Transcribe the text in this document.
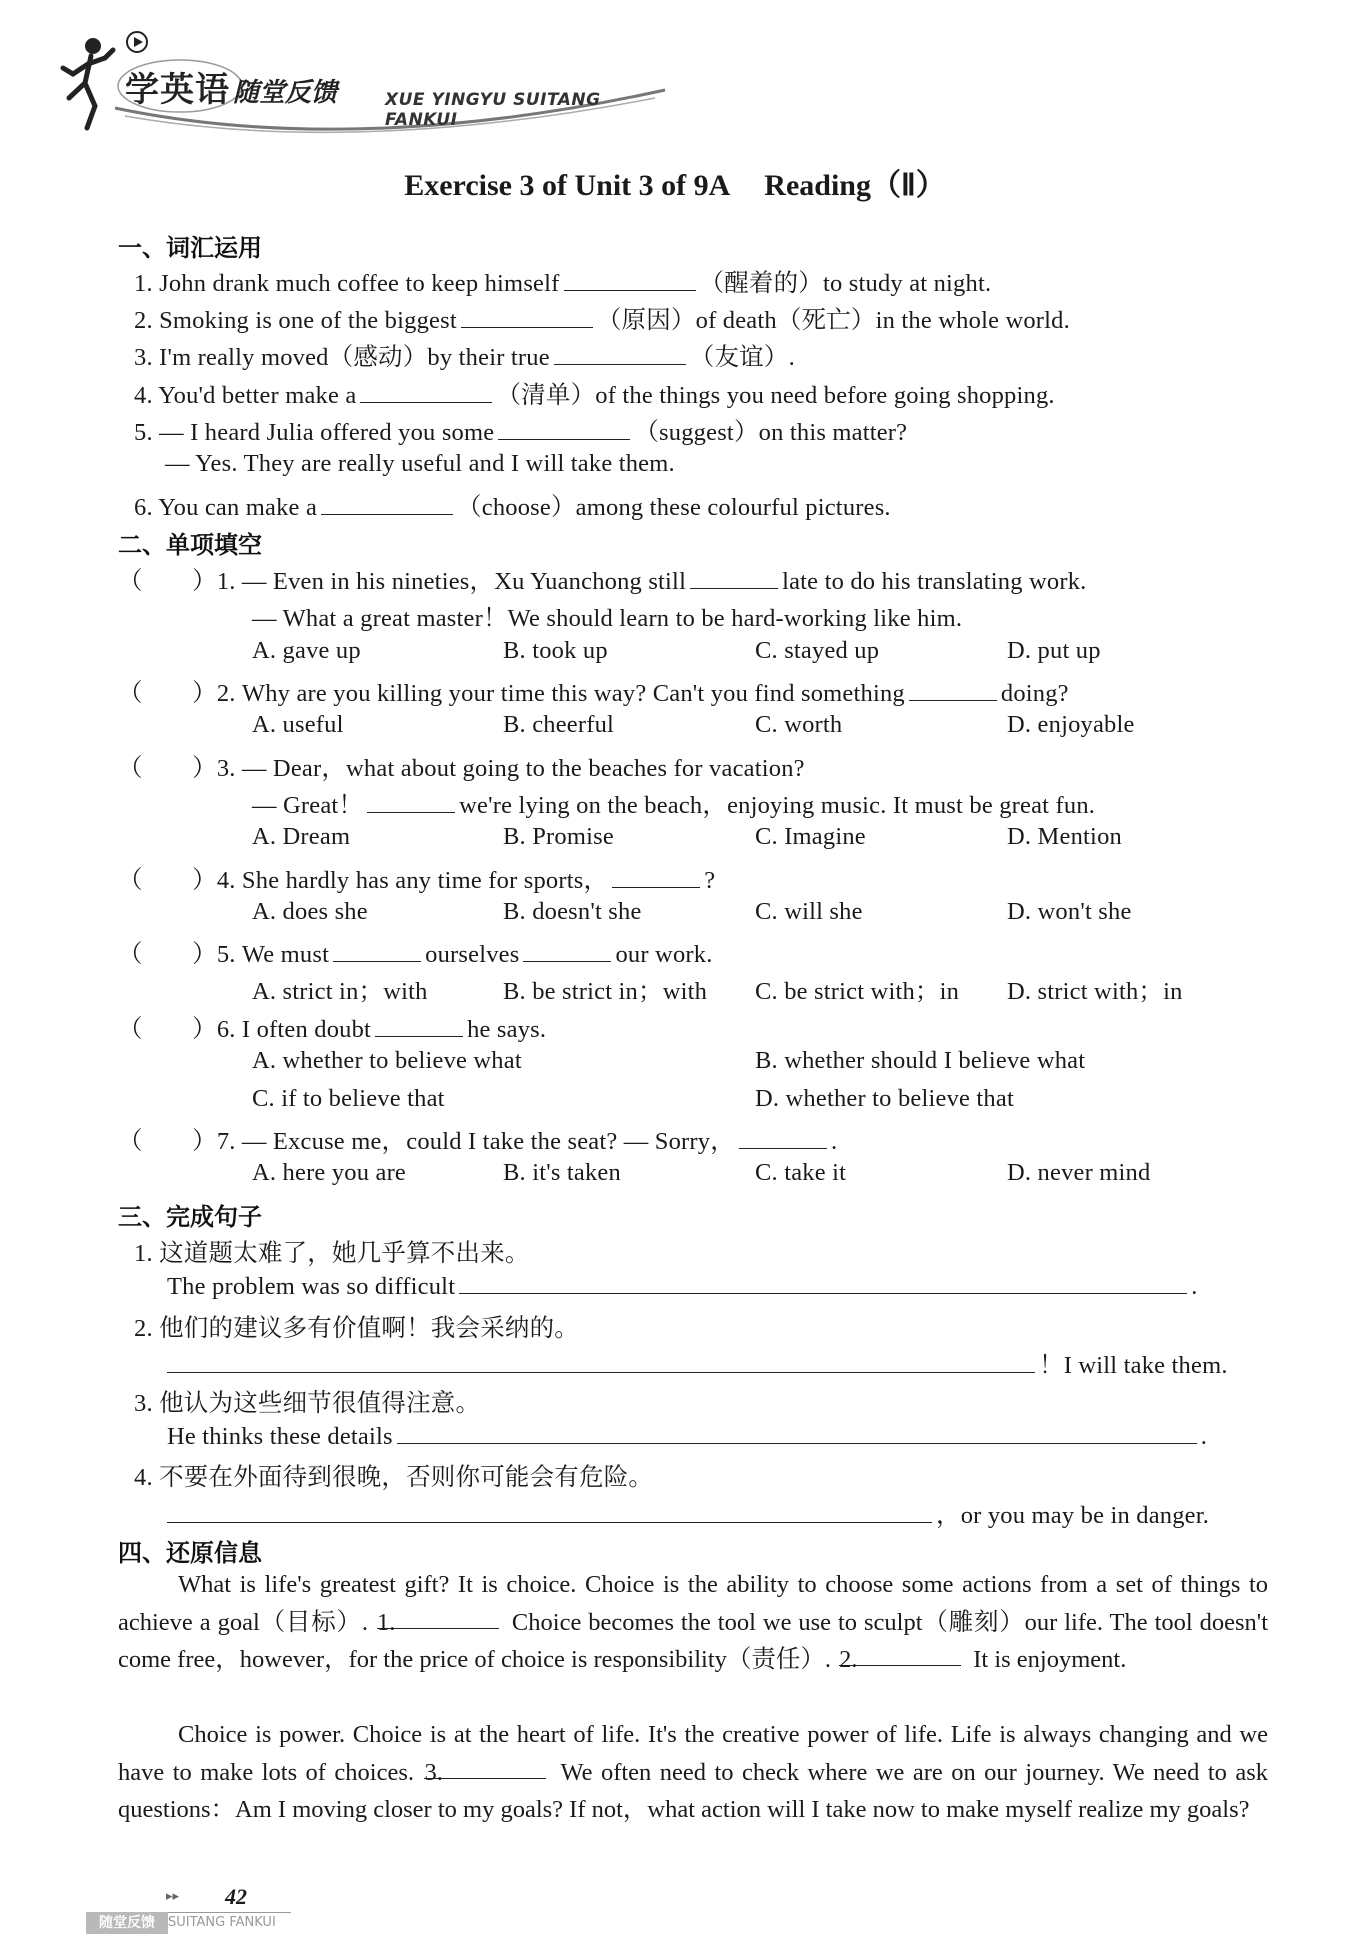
学英语 随堂反馈	XUE YINGYU SUITANG FANKUI
Exercise 3 of Unit 3 of 9A Reading（Ⅱ）
一、词汇运用
1. John drank much coffee to keep himself	（醒着的）to study at night.
2. Smoking is one of the biggest	（原因）of death（死亡）in the whole world.
3. I'm really moved（感动）by their true	（友谊）.
4. You'd better make a	（清单）of the things you need before going shopping.
5. — I heard Julia offered you some	（suggest）on this matter?
— Yes. They are really useful and I will take them.
6. You can make a	（choose）among these colourful pictures.
二、单项填空
（　　）1. — Even in his nineties，Xu Yuanchong still	late to do his translating work.
— What a great master！We should learn to be hard-working like him.
A. gave up	B. took up	C. stayed up	D. put up
（　　）2. Why are you killing your time this way? Can't you find something	doing?
A. useful	B. cheerful	C. worth	D. enjoyable
（　　）3. — Dear，what about going to the beaches for vacation?
— Great！	we're lying on the beach，enjoying music. It must be great fun.
A. Dream	B. Promise	C. Imagine	D. Mention
（　　）4. She hardly has any time for sports，	?
A. does she	B. doesn't she	C. will she	D. won't she
（　　）5. We must	ourselves	our work.
A. strict in；with	B. be strict in；with C. be strict with；in D. strict with；in
（　　）6. I often doubt	he says.
A. whether to believe what	B. whether should I believe what
C. if to believe that	D. whether to believe that
（　　）7. — Excuse me，could I take the seat? — Sorry，	.
A. here you are	B. it's taken	C. take it	D. never mind
三、完成句子
1. 这道题太难了，她几乎算不出来。
The problem was so difficult	.
2. 他们的建议多有价值啊！我会采纳的。
！I will take them.
3. 他认为这些细节很值得注意。
He thinks these details	.
4. 不要在外面待到很晚，否则你可能会有危险。
，or you may be in danger.
四、还原信息
What is life's greatest gift? It is choice. Choice is the ability to choose some actions from a set of things to achieve a goal（目标）. 1.	Choice becomes the tool we use to sculpt（雕刻）our life. The tool doesn't come free，however，for the price of choice is responsibility（责任）. 2.	It is enjoyment.
Choice is power. Choice is at the heart of life. It's the creative power of life. Life is always changing and we have to make lots of choices. 3.	We often need to check where we are on our journey. We need to ask questions：Am I moving closer to my goals? If not，what action will I take now to make myself realize my goals?
▸▸ 42
随堂反馈	SUITANG FANKUI
